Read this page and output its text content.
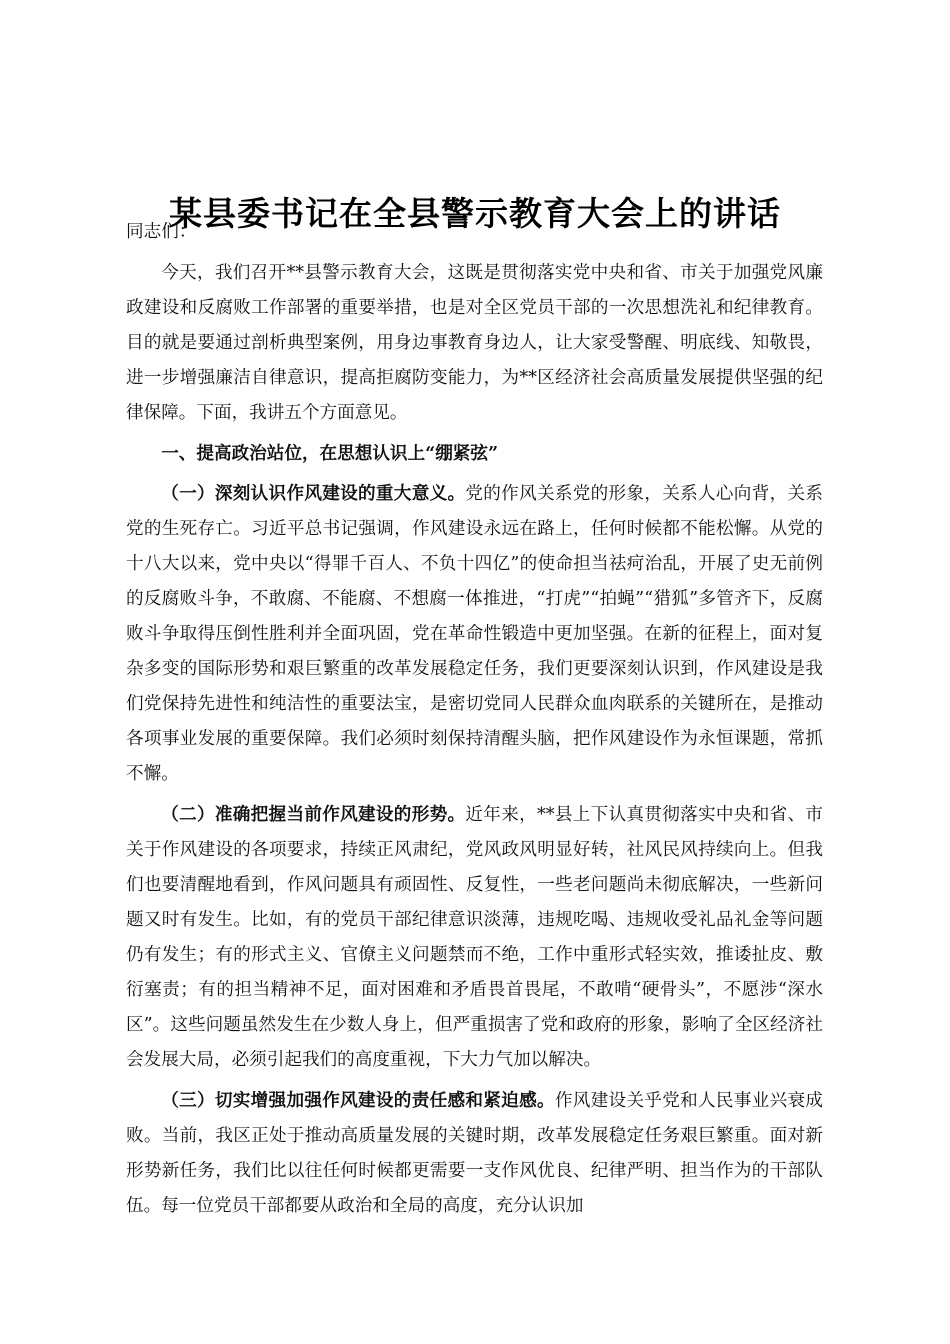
某县委书记在全县警示教育大会上的讲话

同志们：

今天，我们召开**县警示教育大会，这既是贯彻落实党中央和省、市关于加强党风廉政建设和反腐败工作部署的重要举措，也是对全区党员干部的一次思想洗礼和纪律教育。目的就是要通过剖析典型案例，用身边事教育身边人，让大家受警醒、明底线、知敬畏，进一步增强廉洁自律意识，提高拒腐防变能力，为**区经济社会高质量发展提供坚强的纪律保障。下面，我讲五个方面意见。

一、提高政治站位，在思想认识上“绷紧弦”

（一）深刻认识作风建设的重大意义。党的作风关系党的形象，关系人心向背，关系党的生死存亡。习近平总书记强调，作风建设永远在路上，任何时候都不能松懈。从党的十八大以来，党中央以“得罪千百人、不负十四亿”的使命担当祛疴治乱，开展了史无前例的反腐败斗争，不敢腐、不能腐、不想腐一体推进，“打虎”“拍蝇”“猎狐”多管齐下，反腐败斗争取得压倒性胜利并全面巩固，党在革命性锻造中更加坚强。在新的征程上，面对复杂多变的国际形势和艰巨繁重的改革发展稳定任务，我们更要深刻认识到，作风建设是我们党保持先进性和纯洁性的重要法宝，是密切党同人民群众血肉联系的关键所在，是推动各项事业发展的重要保障。我们必须时刻保持清醒头脑，把作风建设作为永恒课题，常抓不懈。

（二）准确把握当前作风建设的形势。近年来，**县上下认真贯彻落实中央和省、市关于作风建设的各项要求，持续正风肃纪，党风政风明显好转，社风民风持续向上。但我们也要清醒地看到，作风问题具有顽固性、反复性，一些老问题尚未彻底解决，一些新问题又时有发生。比如，有的党员干部纪律意识淡薄，违规吃喝、违规收受礼品礼金等问题仍有发生；有的形式主义、官僚主义问题禁而不绝，工作中重形式轻实效，推诿扯皮、敷衍塞责；有的担当精神不足，面对困难和矛盾畏首畏尾，不敢啃“硬骨头”，不愿涉“深水区”。这些问题虽然发生在少数人身上，但严重损害了党和政府的形象，影响了全区经济社会发展大局，必须引起我们的高度重视，下大力气加以解决。

（三）切实增强加强作风建设的责任感和紧迫感。作风建设关乎党和人民事业兴衰成败。当前，我区正处于推动高质量发展的关键时期，改革发展稳定任务艰巨繁重。面对新形势新任务，我们比以往任何时候都更需要一支作风优良、纪律严明、担当作为的干部队伍。每一位党员干部都要从政治和全局的高度，充分认识加
